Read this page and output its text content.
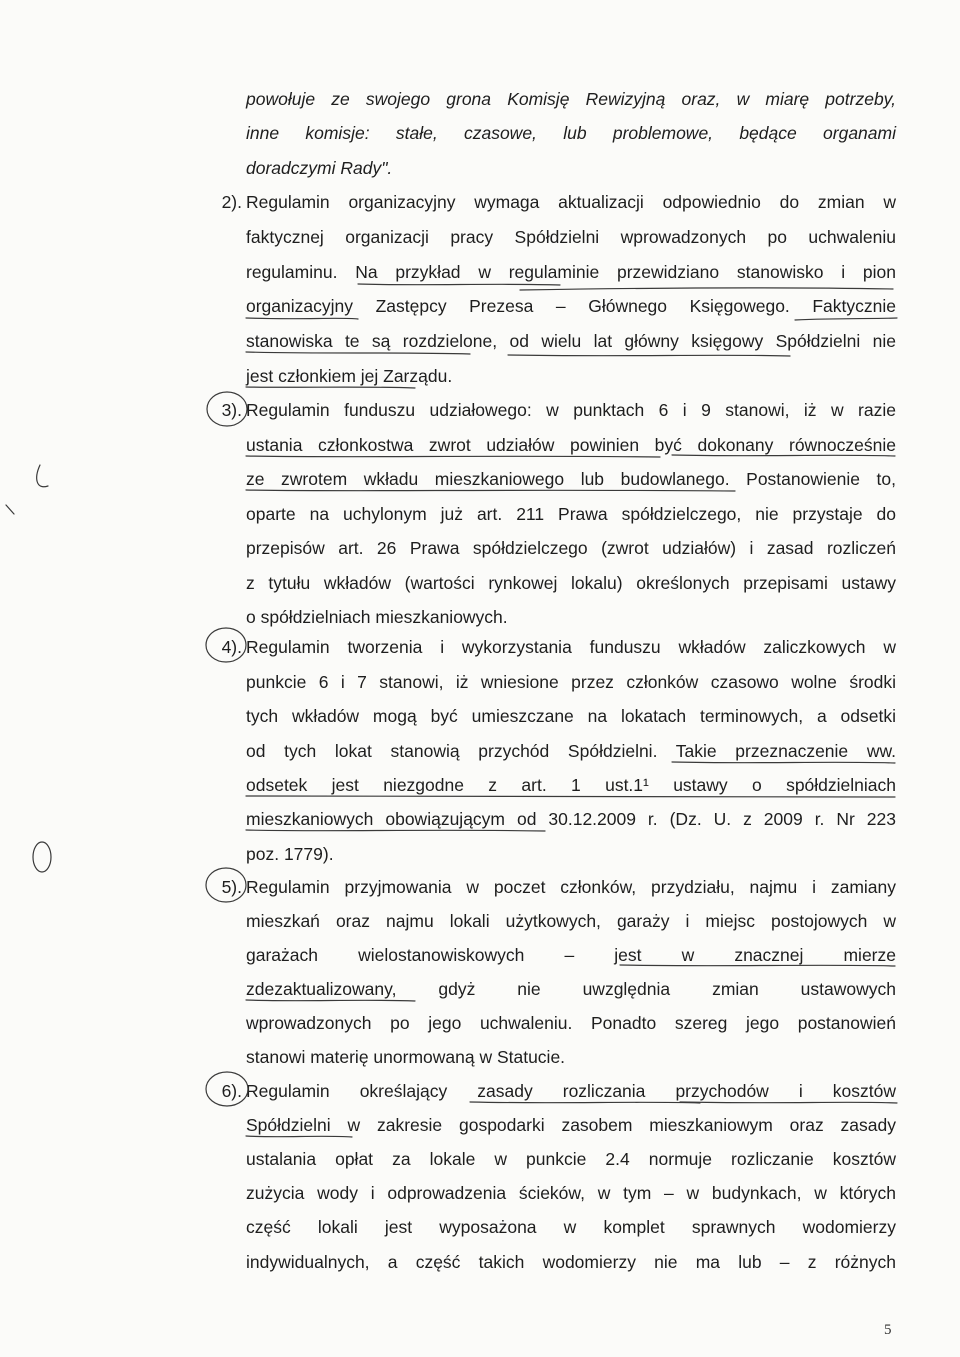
powołuje ze swojego grona Komisję Rewizyjną oraz, w miarę potrzeby,
inne komisje: stałe, czasowe, lub problemowe, będące organami
doradczymi Rady".
2). Regulamin organizacyjny wymaga aktualizacji odpowiednio do zmian w
faktycznej organizacji pracy Spółdzielni wprowadzonych po uchwaleniu
regulaminu. Na przykład w regulaminie przewidziano stanowisko i pion
organizacyjny Zastępcy Prezesa – Głównego Księgowego. Faktycznie
stanowiska te są rozdzielone, od wielu lat główny księgowy Spółdzielni nie
jest członkiem jej Zarządu.
3). Regulamin funduszu udziałowego: w punktach 6 i 9 stanowi, iż w razie
ustania członkostwa zwrot udziałów powinien być dokonany równocześnie
ze zwrotem wkładu mieszkaniowego lub budowlanego. Postanowienie to,
oparte na uchylonym już art. 211 Prawa spółdzielczego, nie przystaje do
przepisów art. 26 Prawa spółdzielczego (zwrot udziałów) i zasad rozliczeń
z tytułu wkładów (wartości rynkowej lokalu) określonych przepisami ustawy
o spółdzielniach mieszkaniowych.
4). Regulamin tworzenia i wykorzystania funduszu wkładów zaliczkowych w
punkcie 6 i 7 stanowi, iż wniesione przez członków czasowo wolne środki
tych wkładów mogą być umieszczane na lokatach terminowych, a odsetki
od tych lokat stanowią przychód Spółdzielni. Takie przeznaczenie ww.
odsetek jest niezgodne z art. 1 ust.1¹ ustawy o spółdzielniach
mieszkaniowych obowiązującym od 30.12.2009 r. (Dz. U. z 2009 r. Nr 223
poz. 1779).
5). Regulamin przyjmowania w poczet członków, przydziału, najmu i zamiany
mieszkań oraz najmu lokali użytkowych, garaży i miejsc postojowych w
garażach wielostanowiskowych – jest w znacznej mierze
zdezaktualizowany, gdyż nie uwzględnia zmian ustawowych
wprowadzonych po jego uchwaleniu. Ponadto szereg jego postanowień
stanowi materię unormowaną w Statucie.
6). Regulamin określający zasady rozliczania przychodów i kosztów
Spółdzielni w zakresie gospodarki zasobem mieszkaniowym oraz zasady
ustalania opłat za lokale w punkcie 2.4 normuje rozliczanie kosztów
zużycia wody i odprowadzenia ścieków, w tym – w budynkach, w których
część lokali jest wyposażona w komplet sprawnych wodomierzy
indywidualnych, a część takich wodomierzy nie ma lub – z różnych
5
